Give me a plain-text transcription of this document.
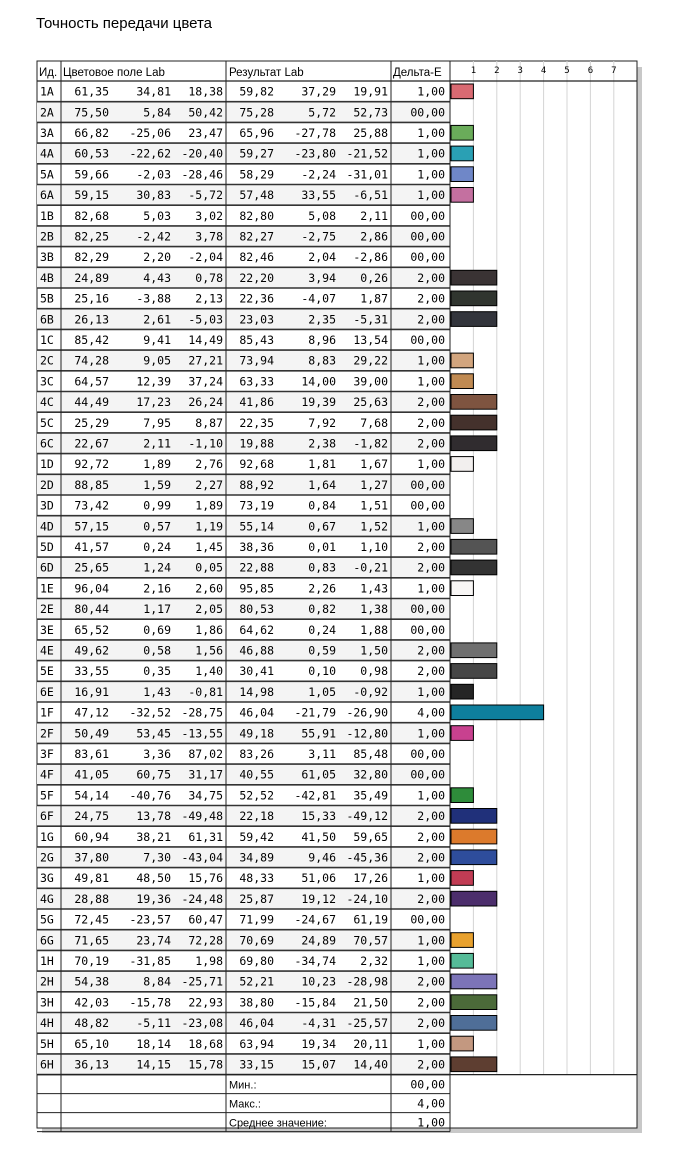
Точность передачи цвета
Ид. Цветовое поле Lab	Результат Lab	Дельта-E	1 2 3 4 5 6 7
1A 61,35 34,81 18,38 59,82 37,29 19,91	1,00
2A 75,50	5,84 50,42 75,28	5,72 52,73 00,00
3A 66,82 -25,06 23,47 65,96 -27,78 25,88	1,00
4A 60,53 -22,62 -20,40 59,27 -23,80 -21,52	1,00
5A 59,66 -2,03 -28,46 58,29 -2,24 -31,01	1,00
6A 59,15 30,83 -5,72 57,48 33,55 -6,51	1,00
1B 82,68	5,03 3,02 82,80	5,08 2,11 00,00
2B 82,25 -2,42 3,78 82,27 -2,75 2,86 00,00
3B 82,29	2,20 -2,04 82,46	2,04 -2,86 00,00
4B 24,89	4,43 0,78 22,20	3,94 0,26	2,00
5B 25,16 -3,88 2,13 22,36 -4,07 1,87	2,00
6B 26,13	2,61 -5,03 23,03	2,35 -5,31	2,00
1C 85,42	9,41 14,49 85,43	8,96 13,54 00,00
2C 74,28	9,05 27,21 73,94	8,83 29,22	1,00
3C 64,57 12,39 37,24 63,33 14,00 39,00	1,00
4C 44,49 17,23 26,24 41,86 19,39 25,63	2,00
5C 25,29	7,95 8,87 22,35	7,92 7,68	2,00
6C 22,67	2,11 -1,10 19,88	2,38 -1,82	2,00
1D 92,72	1,89 2,76 92,68	1,81 1,67	1,00
2D 88,85	1,59 2,27 88,92	1,64 1,27 00,00
3D 73,42	0,99 1,89 73,19	0,84 1,51 00,00
4D 57,15	0,57 1,19 55,14	0,67 1,52	1,00
5D 41,57	0,24 1,45 38,36	0,01 1,10	2,00
6D 25,65	1,24 0,05 22,88	0,83 -0,21	2,00
1E 96,04	2,16 2,60 95,85	2,26 1,43	1,00
2E 80,44	1,17 2,05 80,53	0,82 1,38 00,00
3E 65,52	0,69 1,86 64,62	0,24 1,88 00,00
4E 49,62	0,58 1,56 46,88	0,59 1,50	2,00
5E 33,55	0,35 1,40 30,41	0,10 0,98	2,00
6E 16,91	1,43 -0,81 14,98	1,05 -0,92	1,00
1F 47,12 -32,52 -28,75 46,04 -21,79 -26,90	4,00
2F 50,49 53,45 -13,55 49,18 55,91 -12,80	1,00
3F 83,61	3,36 87,02 83,26	3,11 85,48 00,00
4F 41,05 60,75 31,17 40,55 61,05 32,80 00,00
5F 54,14 -40,76 34,75 52,52 -42,81 35,49	1,00
6F 24,75 13,78 -49,48 22,18 15,33 -49,12	2,00
1G 60,94 38,21 61,31 59,42 41,50 59,65	2,00
2G 37,80	7,30 -43,04 34,89	9,46 -45,36	2,00
3G 49,81 48,50 15,76 48,33 51,06 17,26	1,00
4G 28,88 19,36 -24,48 25,87 19,12 -24,10	2,00
5G 72,45 -23,57 60,47 71,99 -24,67 61,19 00,00
6G 71,65 23,74 72,28 70,69 24,89 70,57	1,00
1H 70,19 -31,85 1,98 69,80 -34,74 2,32	1,00
2H 54,38	8,84 -25,71 52,21 10,23 -28,98	2,00
3H 42,03 -15,78 22,93 38,80 -15,84 21,50	2,00
4H 48,82 -5,11 -23,08 46,04 -4,31 -25,57	2,00
5H 65,10 18,14 18,68 63,94 19,34 20,11	1,00
6H 36,13 14,15 15,78 33,15 15,07 14,40	2,00
Мин.:	00,00
Макс.:	4,00
Среднее значение:	1,00
